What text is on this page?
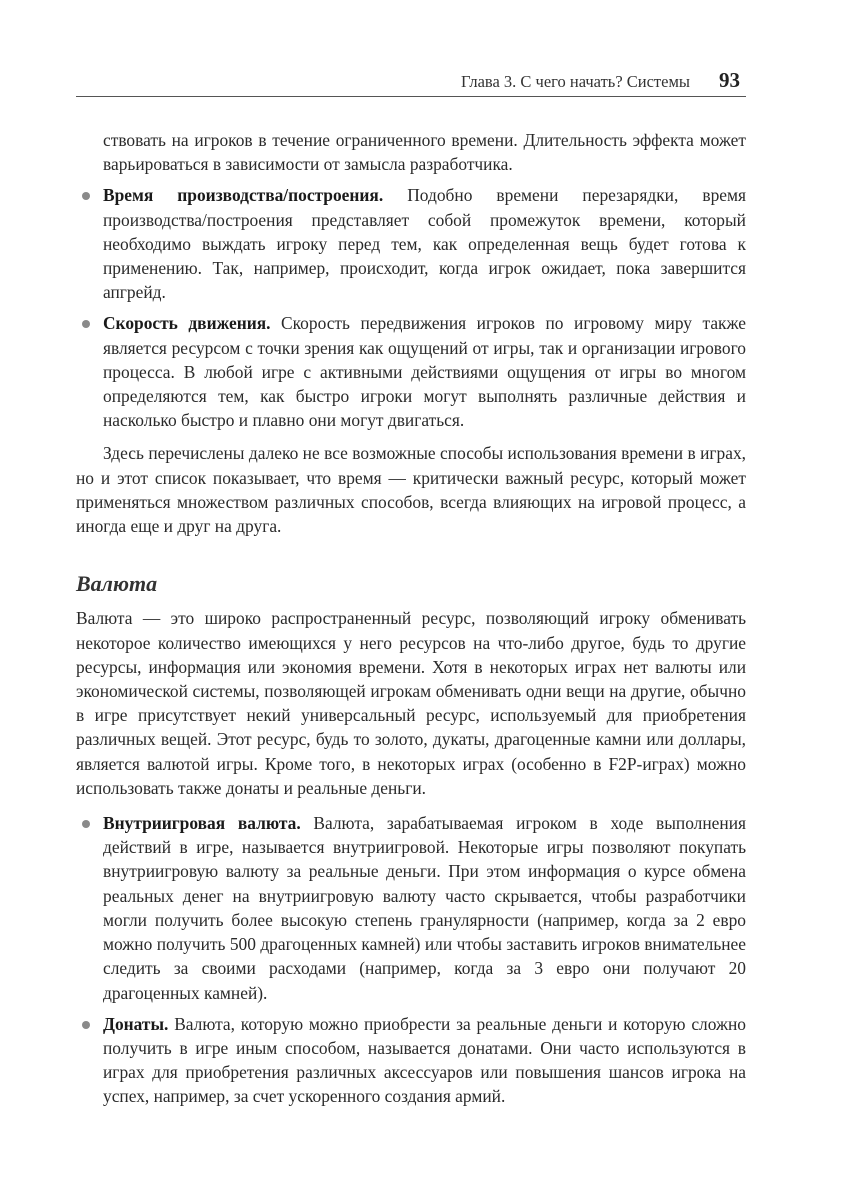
Глава 3. С чего начать? Системы 93

ствовать на игроков в течение ограниченного времени. Длительность эффекта может варьироваться в зависимости от замысла разработчика.

Время производства/построения. Подобно времени перезарядки, время производства/построения представляет собой промежуток времени, который необходимо выждать игроку перед тем, как определенная вещь будет готова к применению. Так, например, происходит, когда игрок ожидает, пока завершится апгрейд.
Скорость движения. Скорость передвижения игроков по игровому миру также является ресурсом с точки зрения как ощущений от игры, так и организации игрового процесса. В любой игре с активными действиями ощущения от игры во многом определяются тем, как быстро игроки могут выполнять различные действия и насколько быстро и плавно они могут двигаться.

Здесь перечислены далеко не все возможные способы использования времени в играх, но и этот список показывает, что время — критически важный ресурс, который может применяться множеством различных способов, всегда влияющих на игровой процесс, а иногда еще и друг на друга.

Валюта

Валюта — это широко распространенный ресурс, позволяющий игроку обменивать некоторое количество имеющихся у него ресурсов на что-либо другое, будь то другие ресурсы, информация или экономия времени. Хотя в некоторых играх нет валюты или экономической системы, позволяющей игрокам обменивать одни вещи на другие, обычно в игре присутствует некий универсальный ресурс, используемый для приобретения различных вещей. Этот ресурс, будь то золото, дукаты, драгоценные камни или доллары, является валютой игры. Кроме того, в некоторых играх (особенно в F2P-играх) можно использовать также донаты и реальные деньги.

Внутриигровая валюта. Валюта, зарабатываемая игроком в ходе выполнения действий в игре, называется внутриигровой. Некоторые игры позволяют покупать внутриигровую валюту за реальные деньги. При этом информация о курсе обмена реальных денег на внутриигровую валюту часто скрывается, чтобы разработчики могли получить более высокую степень гранулярности (например, когда за 2 евро можно получить 500 драгоценных камней) или чтобы заставить игроков внимательнее следить за своими расходами (например, когда за 3 евро они получают 20 драгоценных камней).
Донаты. Валюта, которую можно приобрести за реальные деньги и которую сложно получить в игре иным способом, называется донатами. Они часто используются в играх для приобретения различных аксессуаров или повышения шансов игрока на успех, например, за счет ускоренного создания армий.
